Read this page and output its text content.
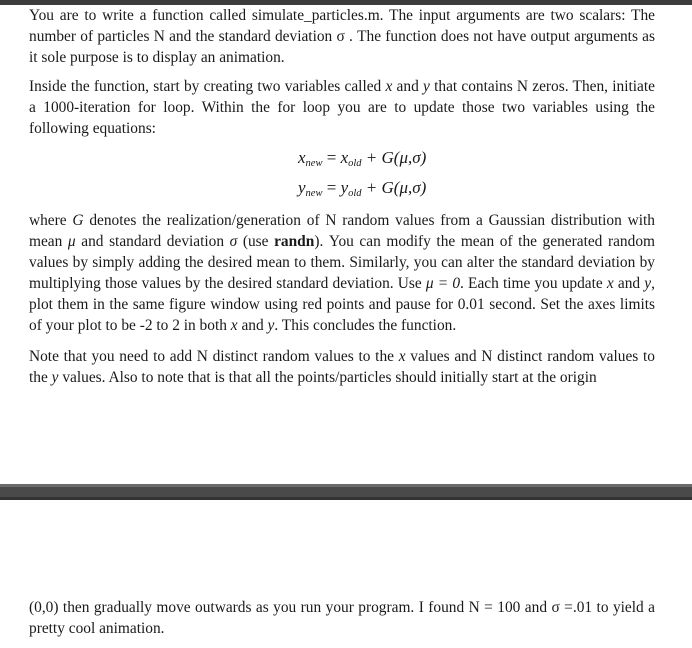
You are to write a function called simulate_particles.m. The input arguments are two scalars: The number of particles N and the standard deviation σ . The function does not have output arguments as it sole purpose is to display an animation.

Inside the function, start by creating two variables called x and y that contains N zeros. Then, initiate a 1000-iteration for loop. Within the for loop you are to update those two variables using the following equations:

$x_{new} = x_{old} + G(\mu,\sigma)$
$y_{new} = y_{old} + G(\mu,\sigma)$

where G denotes the realization/generation of N random values from a Gaussian distribution with mean μ and standard deviation σ (use randn). You can modify the mean of the generated random values by simply adding the desired mean to them. Similarly, you can alter the standard deviation by multiplying those values by the desired standard deviation. Use μ = 0. Each time you update x and y, plot them in the same figure window using red points and pause for 0.01 second. Set the axes limits of your plot to be -2 to 2 in both x and y. This concludes the function.

Note that you need to add N distinct random values to the x values and N distinct random values to the y values. Also to note that is that all the points/particles should initially start at the origin

(0,0) then gradually move outwards as you run your program. I found N = 100 and σ =.01 to yield a pretty cool animation.
